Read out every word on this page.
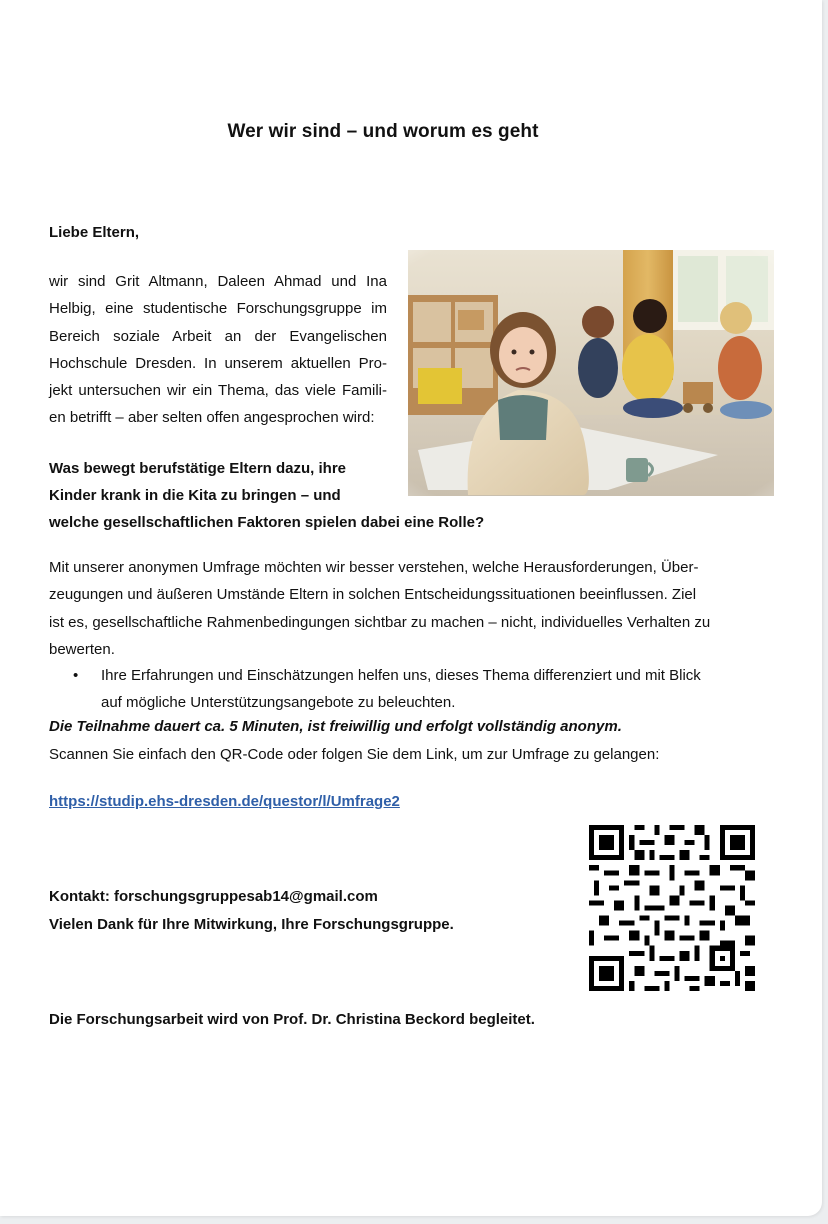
Wer wir sind – und worum es geht
Liebe Eltern,
wir sind Grit Altmann, Daleen Ahmad und Ina
Helbig, eine studentische Forschungsgruppe im
Bereich soziale Arbeit an der Evangelischen
Hochschule Dresden. In unserem aktuellen Pro-
jekt untersuchen wir ein Thema, das viele Famili-
en betrifft – aber selten offen angesprochen wird:
Was bewegt berufstätige Eltern dazu, ihre
Kinder krank in die Kita zu bringen – und
welche gesellschaftlichen Faktoren spielen dabei eine Rolle?
Mit unserer anonymen Umfrage möchten wir besser verstehen, welche Herausforderungen, Über-
zeugungen und äußeren Umstände Eltern in solchen Entscheidungssituationen beeinflussen. Ziel
ist es, gesellschaftliche Rahmenbedingungen sichtbar zu machen – nicht, individuelles Verhalten zu
bewerten.
• Ihre Erfahrungen und Einschätzungen helfen uns, dieses Thema differenziert und mit Blick
auf mögliche Unterstützungsangebote zu beleuchten.
Die Teilnahme dauert ca. 5 Minuten, ist freiwillig und erfolgt vollständig anonym.
Scannen Sie einfach den QR-Code oder folgen Sie dem Link, um zur Umfrage zu gelangen:
https://studip.ehs-dresden.de/questor/l/Umfrage2
Kontakt: forschungsgruppesab14@gmail.com
Vielen Dank für Ihre Mitwirkung, Ihre Forschungsgruppe.
Die Forschungsarbeit wird von Prof. Dr. Christina Beckord begleitet.
